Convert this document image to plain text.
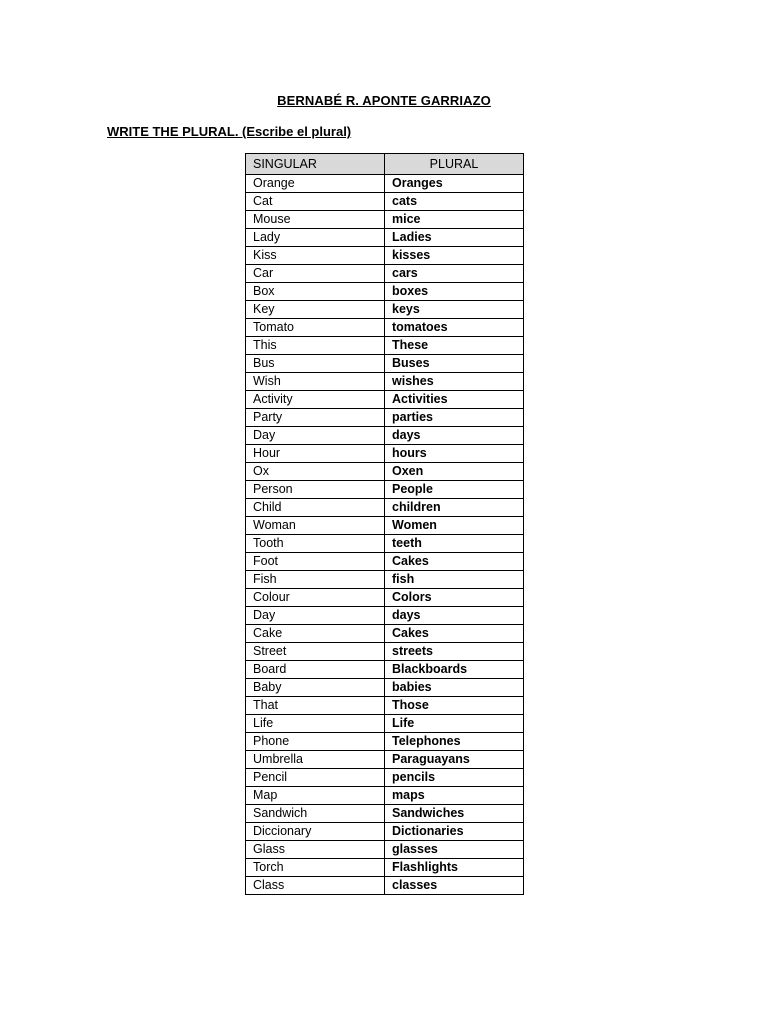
BERNABÉ R. APONTE GARRIAZO
WRITE THE PLURAL. (Escribe el plural)
SINGULAR	PLURAL
Orange	Oranges
Cat	cats
Mouse	mice
Lady	Ladies
Kiss	kisses
Car	cars
Box	boxes
Key	keys
Tomato	tomatoes
This	These
Bus	Buses
Wish	wishes
Activity	Activities
Party	parties
Day	days
Hour	hours
Ox	Oxen
Person	People
Child	children
Woman	Women
Tooth	teeth
Foot	Cakes
Fish	fish
Colour	Colors
Day	days
Cake	Cakes
Street	streets
Board	Blackboards
Baby	babies
That	Those
Life	Life
Phone	Telephones
Umbrella	Paraguayans
Pencil	pencils
Map	maps
Sandwich	Sandwiches
Diccionary	Dictionaries
Glass	glasses
Torch	Flashlights
Class	classes
